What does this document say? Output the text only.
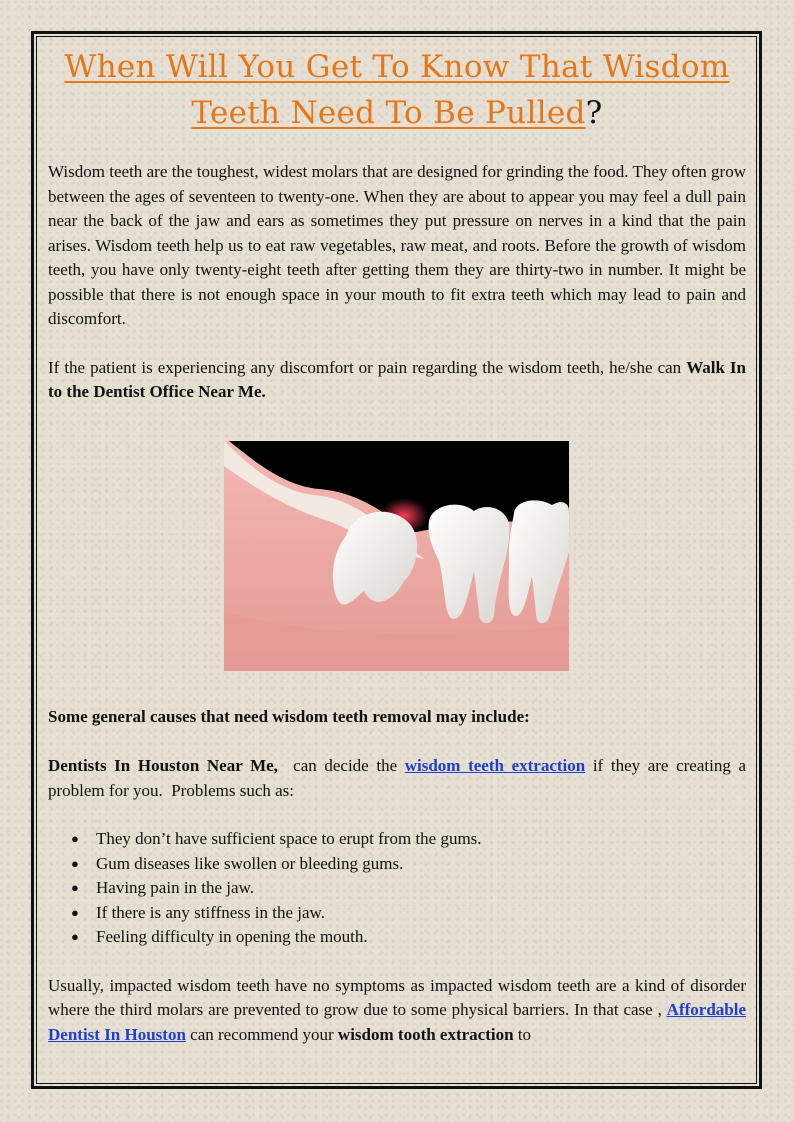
When Will You Get To Know That Wisdom
Teeth Need To Be Pulled?

Wisdom teeth are the toughest, widest molars that are designed for grinding the food. They often grow between the ages of seventeen to twenty-one. When they are about to appear you may feel a dull pain near the back of the jaw and ears as sometimes they put pressure on nerves in a kind that the pain arises. Wisdom teeth help us to eat raw vegetables, raw meat, and roots. Before the growth of wisdom teeth, you have only twenty-eight teeth after getting them they are thirty-two in number. It might be possible that there is not enough space in your mouth to fit extra teeth which may lead to pain and discomfort.

If the patient is experiencing any discomfort or pain regarding the wisdom teeth, he/she can Walk In to the Dentist Office Near Me.

Some general causes that need wisdom teeth removal may include:

Dentists In Houston Near Me,  can decide the wisdom teeth extraction if they are creating a problem for you.  Problems such as:

● They don’t have sufficient space to erupt from the gums.
● Gum diseases like swollen or bleeding gums.
● Having pain in the jaw.
● If there is any stiffness in the jaw.
● Feeling difficulty in opening the mouth.

Usually, impacted wisdom teeth have no symptoms as impacted wisdom teeth are a kind of disorder where the third molars are prevented to grow due to some physical barriers. In that case , Affordable Dentist In Houston can recommend your wisdom tooth extraction to
